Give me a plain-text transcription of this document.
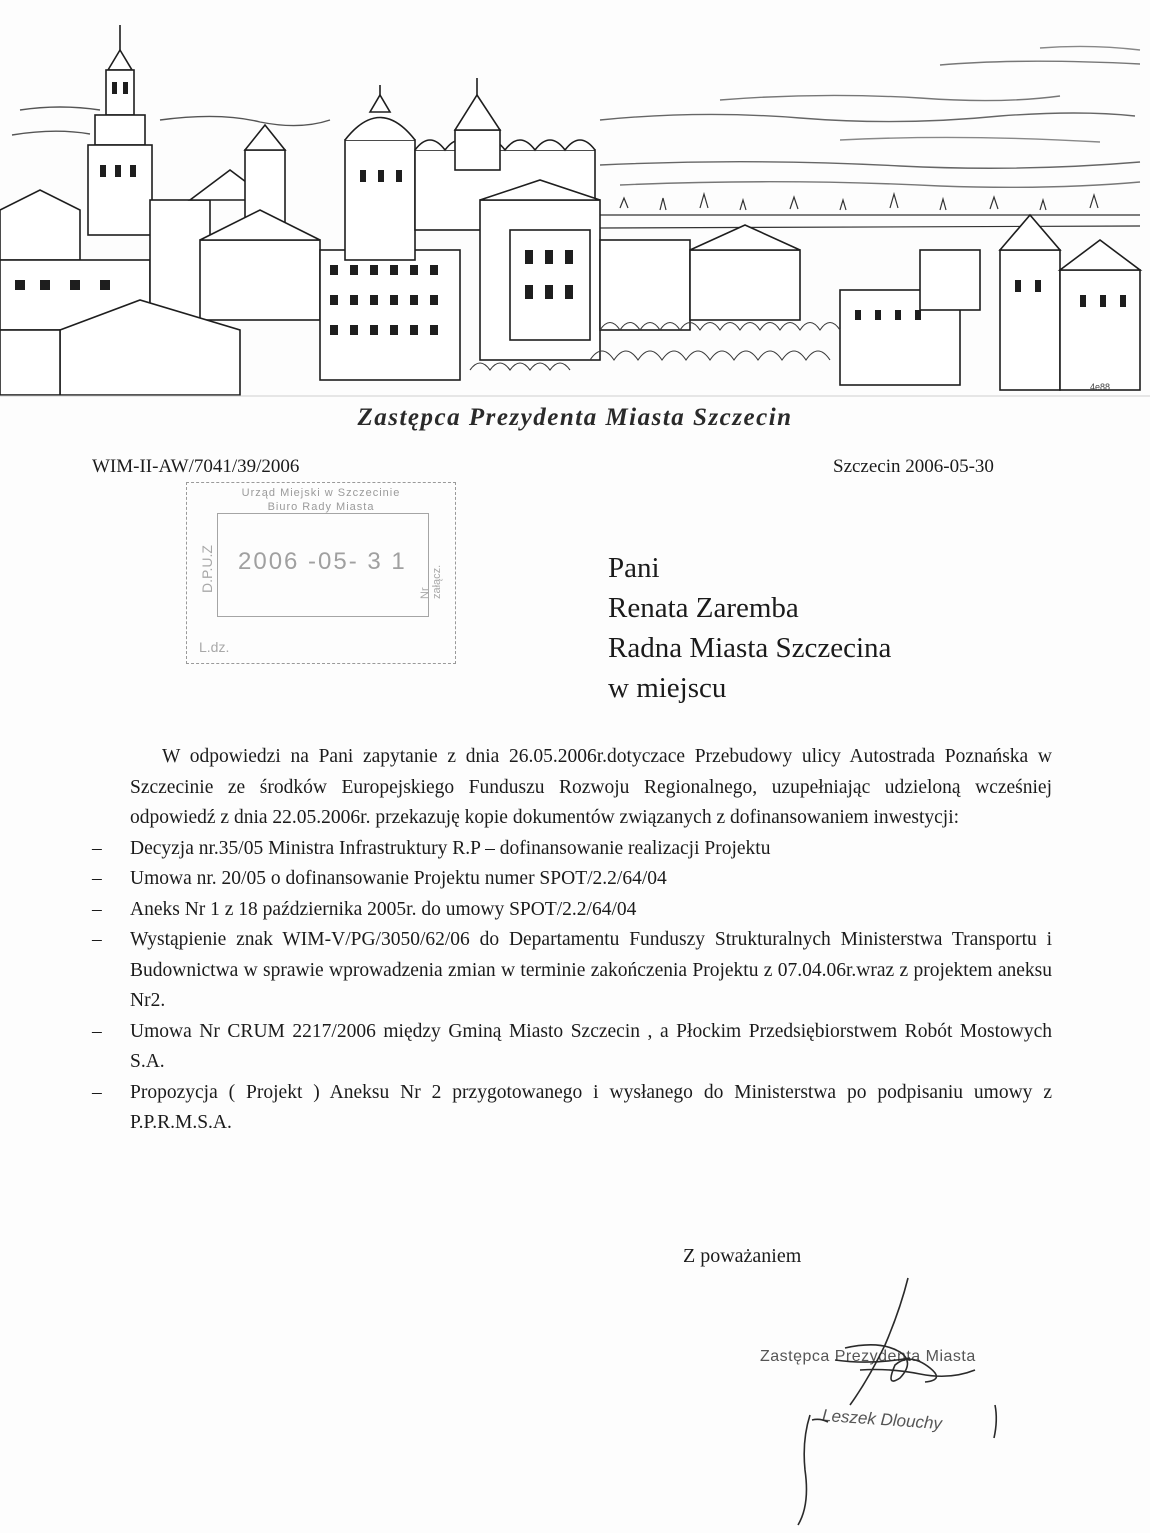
4e88
Zastępca Prezydenta Miasta Szczecin
WIM-II-AW/7041/39/2006	Szczecin 2006-05-30
Urząd Miejski w Szczecinie
Biuro Rady Miasta
2006 -05- 3 1
D.P.U.Z
Nr załącz.
L.dz.
Pani
Renata Zaremba
Radna Miasta Szczecina
w miejscu

W odpowiedzi na Pani zapytanie z dnia 26.05.2006r.dotyczace Przebudowy ulicy Autostrada Poznańska w Szczecinie ze środków Europejskiego Funduszu Rozwoju Regionalnego, uzupełniając udzieloną wcześniej odpowiedź z dnia 22.05.2006r. przekazuję kopie dokumentów związanych z dofinansowaniem inwestycji:

– Decyzja nr.35/05 Ministra Infrastruktury R.P – dofinansowanie realizacji Projektu
– Umowa nr. 20/05 o dofinansowanie Projektu numer SPOT/2.2/64/04
– Aneks Nr 1 z 18 października 2005r. do umowy SPOT/2.2/64/04
– Wystąpienie znak WIM-V/PG/3050/62/06 do Departamentu Funduszy Strukturalnych Ministerstwa Transportu i Budownictwa w sprawie wprowadzenia zmian w terminie zakończenia Projektu z 07.04.06r.wraz z projektem aneksu Nr2.
– Umowa Nr CRUM 2217/2006 między Gminą Miasto Szczecin , a Płockim Przedsiębiorstwem Robót Mostowych S.A.
– Propozycja ( Projekt ) Aneksu Nr 2 przygotowanego i wysłanego do Ministerstwa po podpisaniu umowy z P.P.R.M.S.A.
Z poważaniem
Zastępca Prezydenta Miasta
Leszek Dlouchy
